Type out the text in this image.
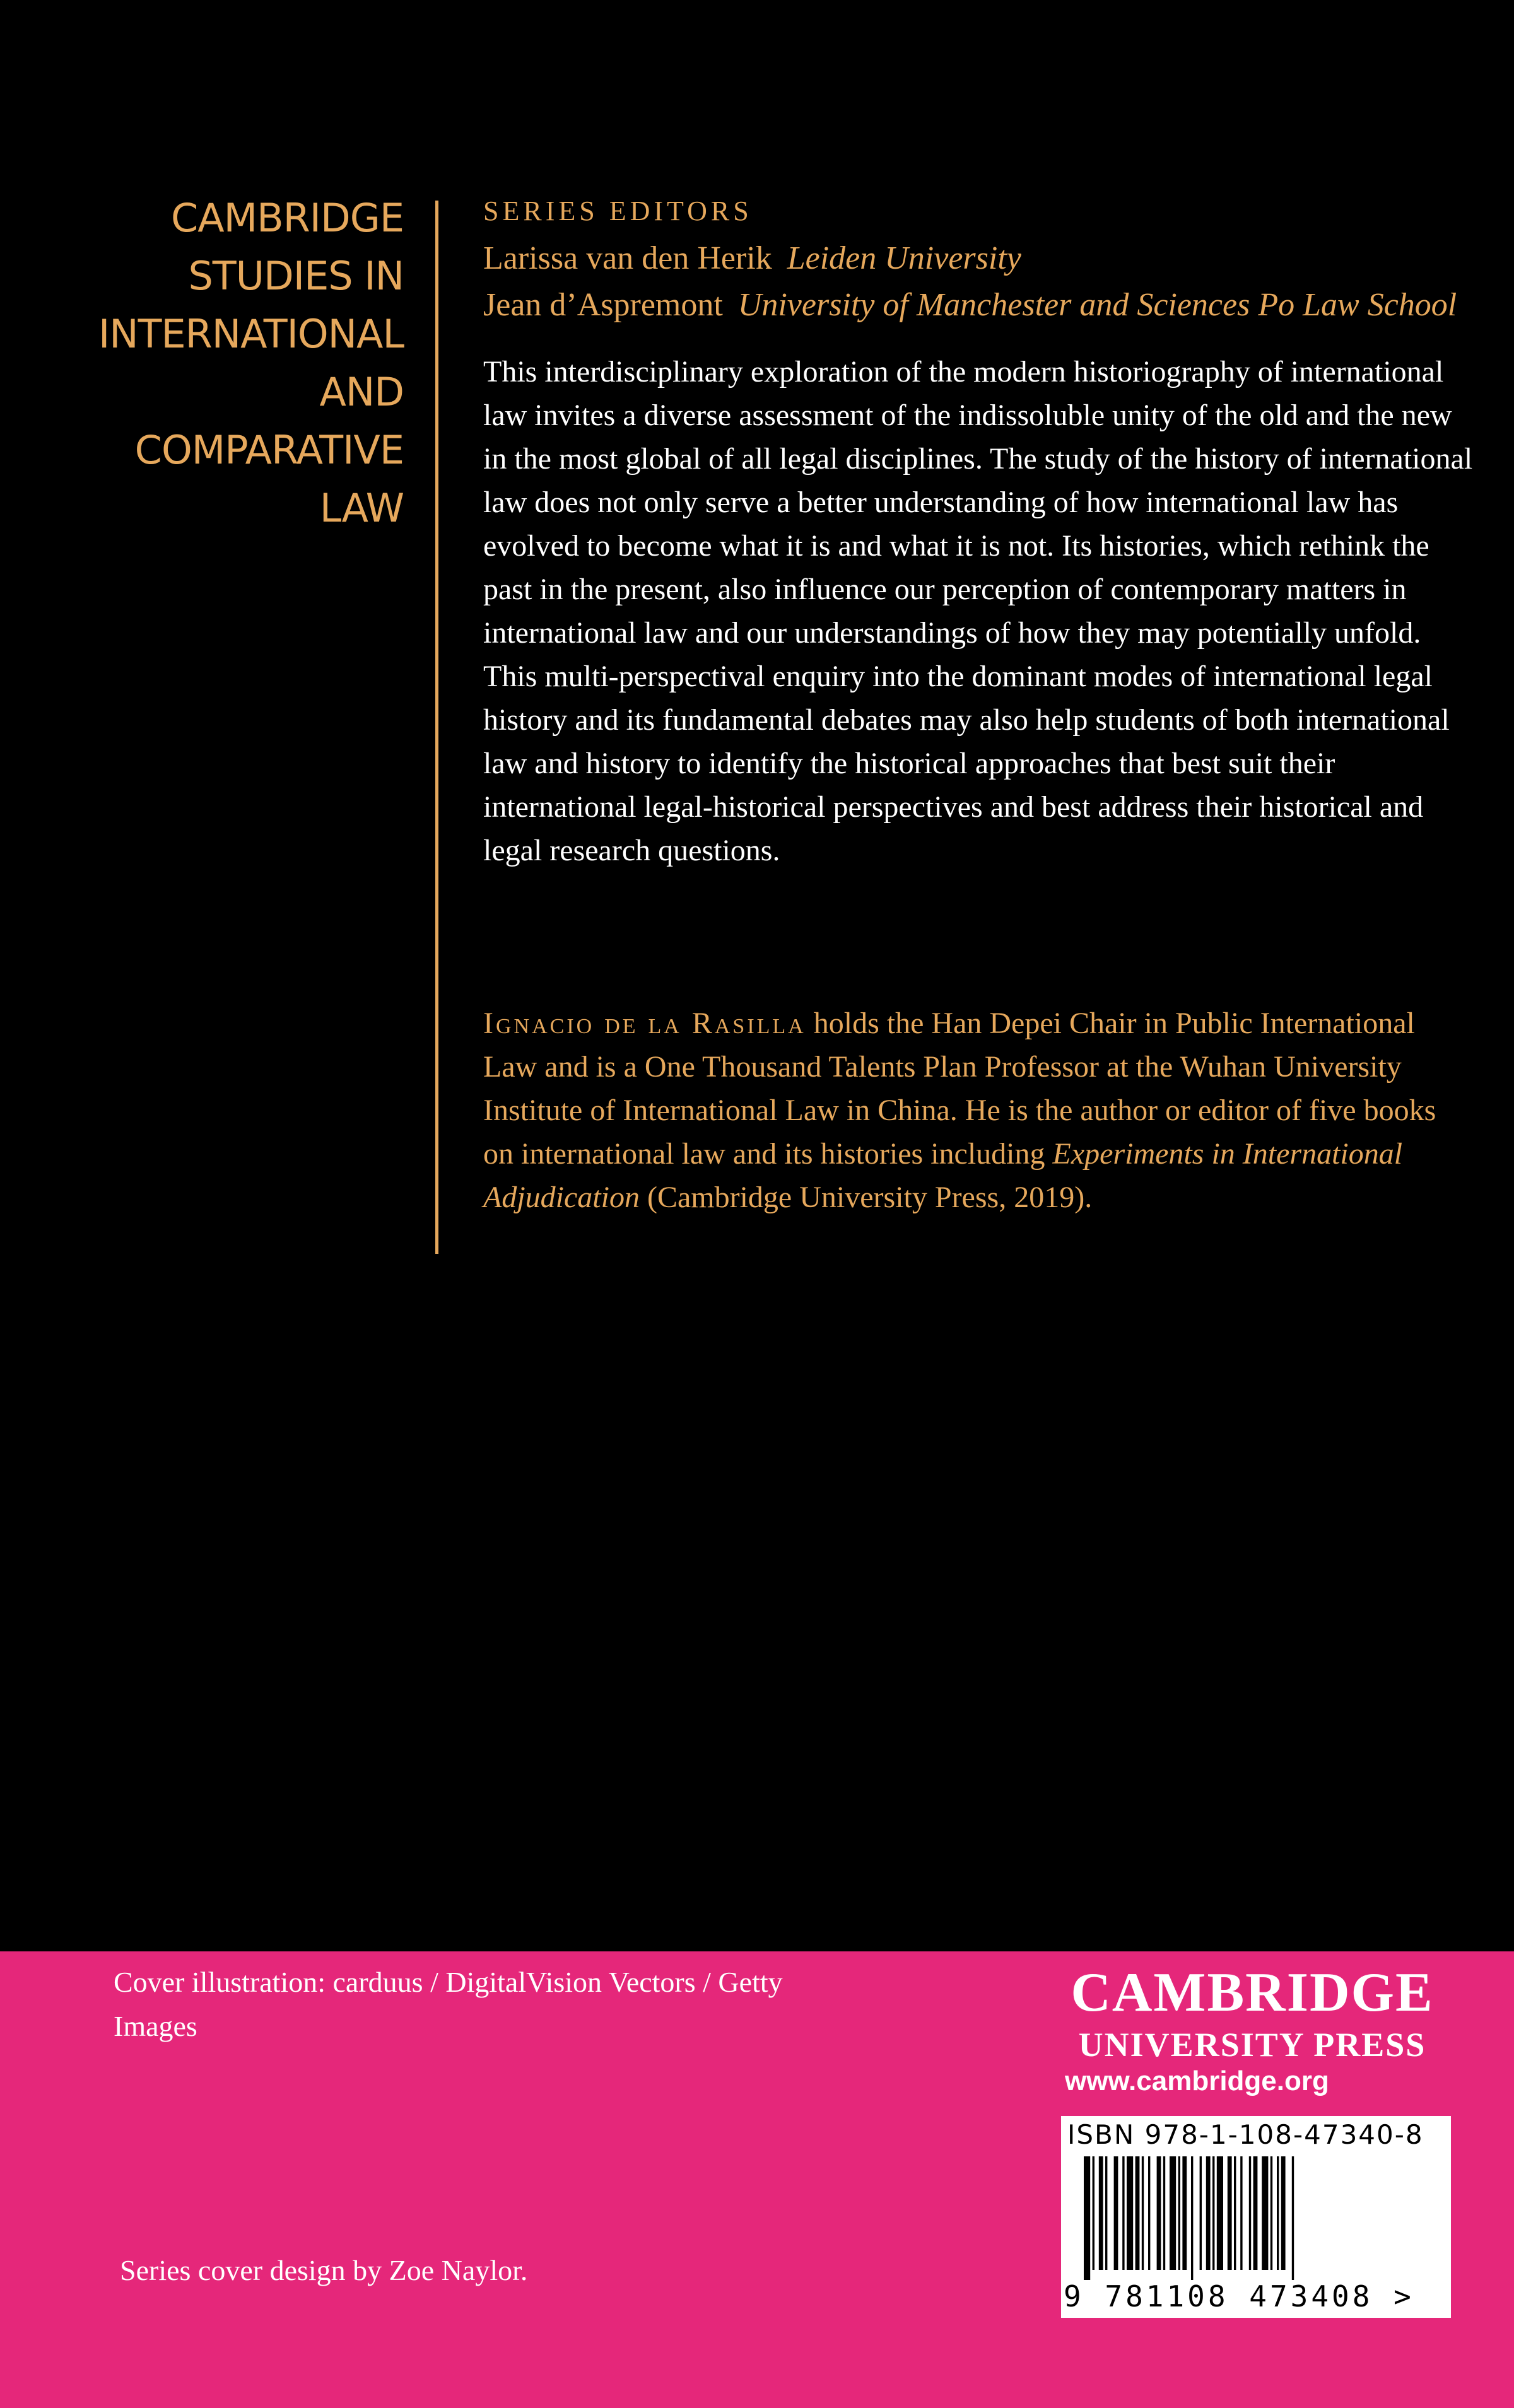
CAMBRIDGE
STUDIES IN
INTERNATIONAL
AND
COMPARATIVE
LAW
SERIES EDITORS
Larissa van den Herik Leiden University
Jean d’Aspremont University of Manchester and Sciences Po Law School

This interdisciplinary exploration of the modern historiography of international law invites a diverse assessment of the indissoluble unity of the old and the new in the most global of all legal disciplines. The study of the history of international law does not only serve a better understanding of how international law has evolved to become what it is and what it is not. Its histories, which rethink the past in the present, also influence our perception of contemporary matters in international law and our understandings of how they may potentially unfold. This multi-perspectival enquiry into the dominant modes of international legal history and its fundamental debates may also help students of both international law and history to identify the historical approaches that best suit their international legal-historical perspectives and best address their historical and legal research questions.

Ignacio de la Rasilla holds the Han Depei Chair in Public International Law and is a One Thousand Talents Plan Professor at the Wuhan University Institute of International Law in China. He is the author or editor of five books on international law and its histories including Experiments in International Adjudication (Cambridge University Press, 2019).

Cover illustration: carduus / DigitalVision Vectors / Getty Images

Series cover design by Zoe Naylor.
CAMBRIDGE
UNIVERSITY PRESS
www.cambridge.org
ISBN 978-1-108-47340-8
9 781108 473408 >
